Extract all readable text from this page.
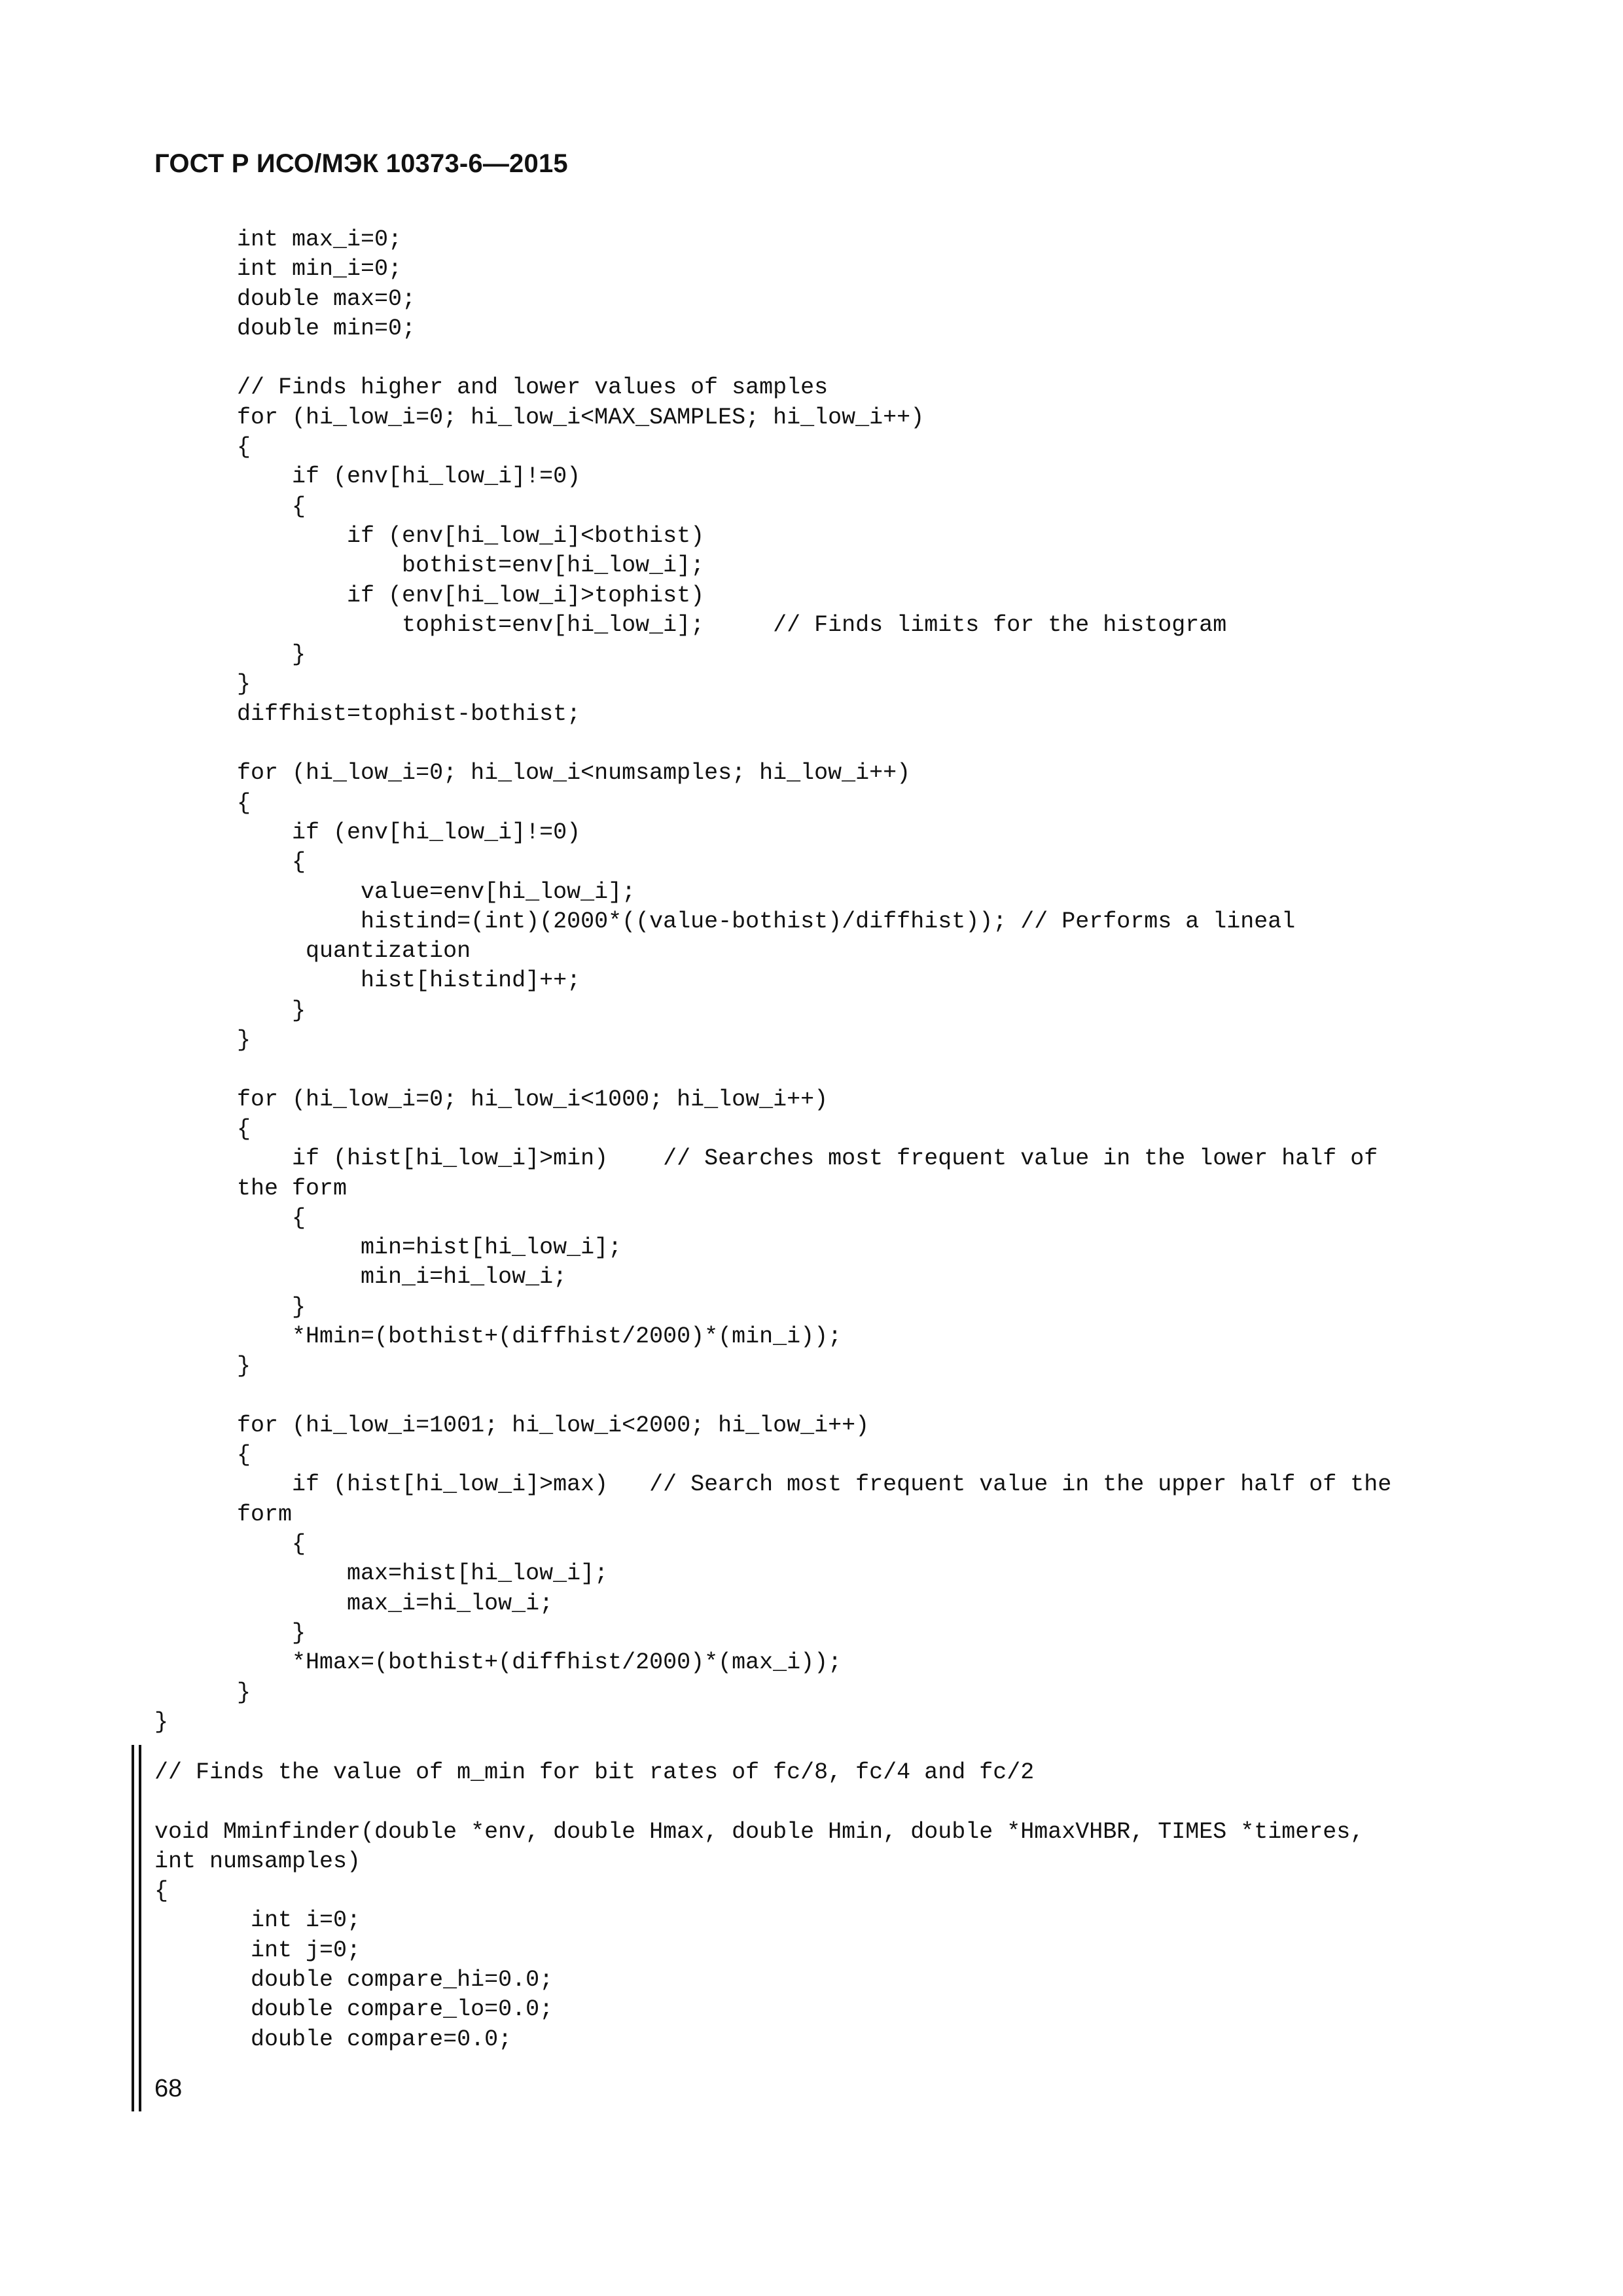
ГОСТ Р ИСО/МЭК 10373-6—2015
int max_i=0;
int min_i=0;
double max=0;
double min=0;

// Finds higher and lower values of samples
for (hi_low_i=0; hi_low_i<MAX_SAMPLES; hi_low_i++)
{
if (env[hi_low_i]!=0)
{
if (env[hi_low_i]<bothist)
bothist=env[hi_low_i];
if (env[hi_low_i]>tophist)
tophist=env[hi_low_i];     // Finds limits for the histogram
}
}
diffhist=tophist-bothist;

for (hi_low_i=0; hi_low_i<numsamples; hi_low_i++)
{
if (env[hi_low_i]!=0)
{
value=env[hi_low_i];
histind=(int)(2000*((value-bothist)/diffhist)); // Performs a lineal
quantization
hist[histind]++;
}
}

for (hi_low_i=0; hi_low_i<1000; hi_low_i++)
{
if (hist[hi_low_i]>min)    // Searches most frequent value in the lower half of
the form
{
min=hist[hi_low_i];
min_i=hi_low_i;
}
*Hmin=(bothist+(diffhist/2000)*(min_i));
}

for (hi_low_i=1001; hi_low_i<2000; hi_low_i++)
{
if (hist[hi_low_i]>max)   // Search most frequent value in the upper half of the
form
{
max=hist[hi_low_i];
max_i=hi_low_i;
}
*Hmax=(bothist+(diffhist/2000)*(max_i));
}
}
// Finds the value of m_min for bit rates of fc/8, fc/4 and fc/2

void Mminfinder(double *env, double Hmax, double Hmin, double *HmaxVHBR, TIMES *timeres,
int numsamples)
{
int i=0;
int j=0;
double compare_hi=0.0;
double compare_lo=0.0;
double compare=0.0;
68
